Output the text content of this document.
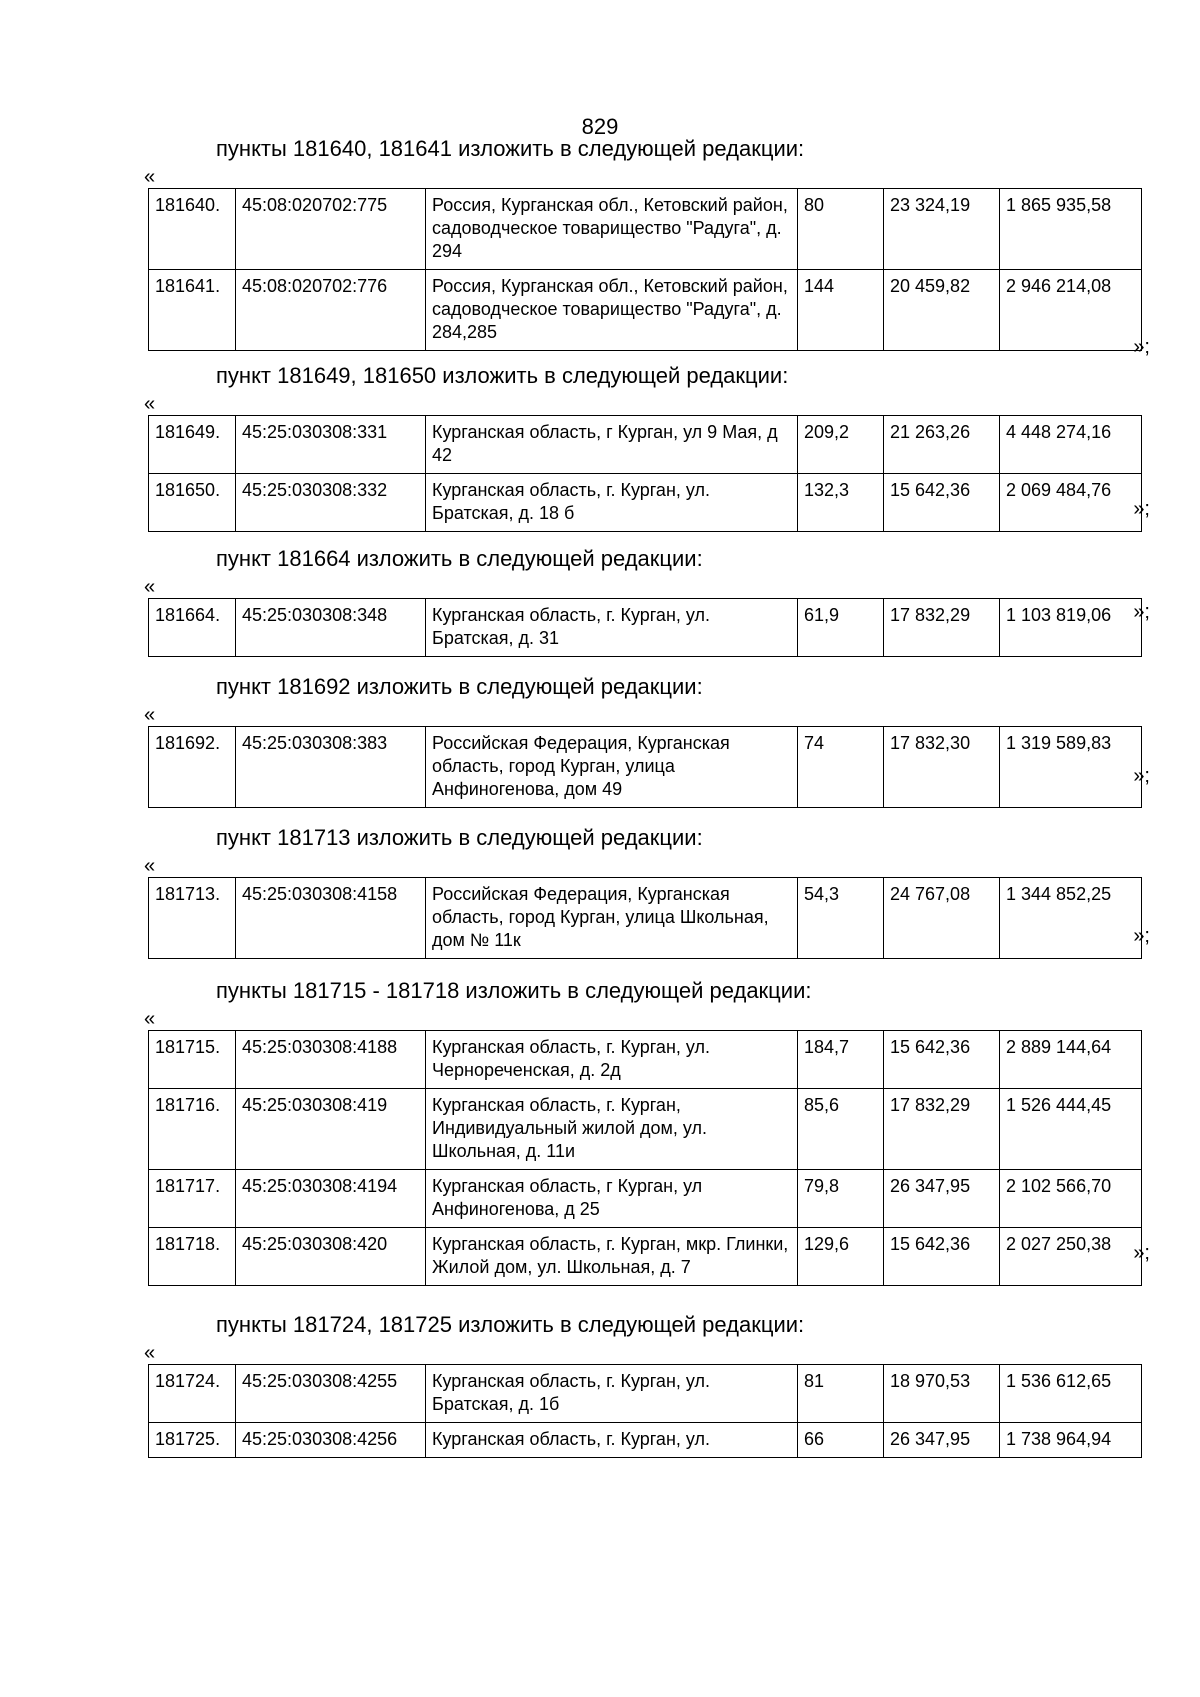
829
пункты 181640, 181641 изложить в следующей редакции:
«
181640.	45:08:020702:775	Россия, Курганская обл., Кетовский район, садоводческое товарищество "Радуга", д. 294	80	23 324,19	1 865 935,58
181641.	45:08:020702:776	Россия, Курганская обл., Кетовский район, садоводческое товарищество "Радуга", д. 284,285	144	20 459,82	2 946 214,08
»;
пункт 181649, 181650 изложить в следующей редакции:
«
181649.	45:25:030308:331	Курганская область, г Курган, ул 9 Мая, д 42	209,2	21 263,26	4 448 274,16
181650.	45:25:030308:332	Курганская область, г. Курган, ул. Братская, д. 18 б	132,3	15 642,36	2 069 484,76
»;
пункт 181664 изложить в следующей редакции:
«
181664.	45:25:030308:348	Курганская область, г. Курган, ул. Братская, д. 31	61,9	17 832,29	1 103 819,06 »;
пункт 181692 изложить в следующей редакции:
«
181692.	45:25:030308:383	Российская Федерация, Курганская область, город Курган, улица Анфиногенова, дом 49	74	17 832,30	1 319 589,83
»;
пункт 181713 изложить в следующей редакции:
«
181713.	45:25:030308:4158	Российская Федерация, Курганская область, город Курган, улица Школьная, дом № 11к	54,3	24 767,08	1 344 852,25
»;
пункты 181715 - 181718 изложить в следующей редакции:
«
181715.	45:25:030308:4188	Курганская область, г. Курган, ул. Чернореченская, д. 2д	184,7	15 642,36	2 889 144,64
181716.	45:25:030308:419	Курганская область, г. Курган, Индивидуальный жилой дом, ул. Школьная, д. 11и	85,6	17 832,29	1 526 444,45
181717.	45:25:030308:4194	Курганская область, г Курган, ул Анфиногенова, д 25	79,8	26 347,95	2 102 566,70
181718.	45:25:030308:420	Курганская область, г. Курган, мкр. Глинки, Жилой дом, ул. Школьная, д. 7	129,6	15 642,36	2 027 250,38 »;
пункты 181724, 181725 изложить в следующей редакции:
«
181724.	45:25:030308:4255	Курганская область, г. Курган, ул. Братская, д. 1б	81	18 970,53	1 536 612,65
181725.	45:25:030308:4256	Курганская область, г. Курган, ул.	66	26 347,95	1 738 964,94
